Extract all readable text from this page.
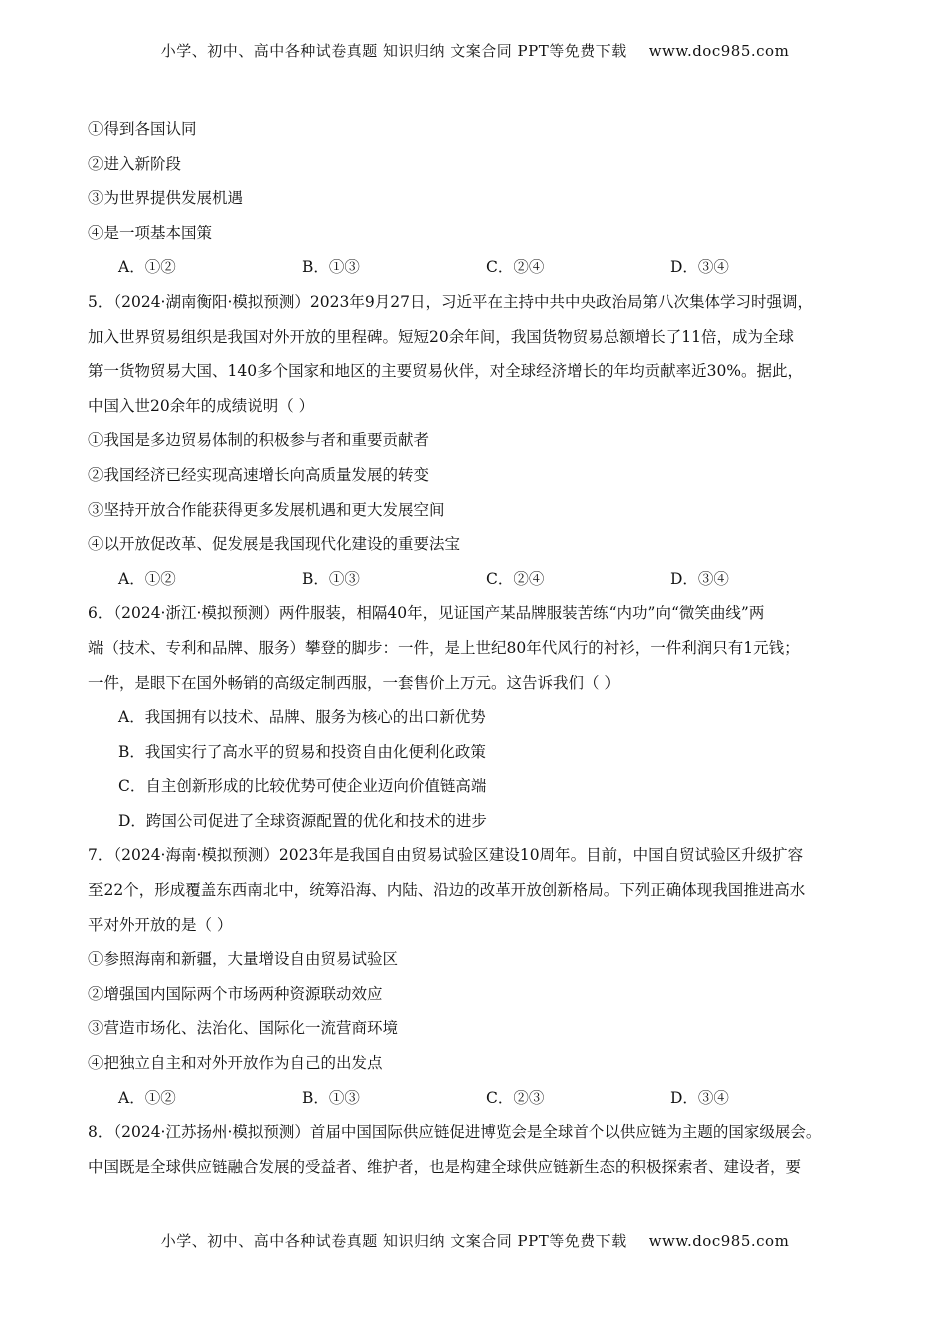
小学、初中、高中各种试卷真题 知识归纳 文案合同 PPT等免费下载 www.doc985.com
①得到各国认同
②进入新阶段
③为世界提供发展机遇
④是一项基本国策
A．①②	B．①③	C．②④	D．③④
5．（2024·湖南衡阳·模拟预测）2023年9月27日，习近平在主持中共中央政治局第八次集体学习时强调，
加入世界贸易组织是我国对外开放的里程碑。短短20余年间，我国货物贸易总额增长了11倍，成为全球
第一货物贸易大国、140多个国家和地区的主要贸易伙伴，对全球经济增长的年均贡献率近30%。据此，
中国入世20余年的成绩说明（ ）
①我国是多边贸易体制的积极参与者和重要贡献者
②我国经济已经实现高速增长向高质量发展的转变
③坚持开放合作能获得更多发展机遇和更大发展空间
④以开放促改革、促发展是我国现代化建设的重要法宝
A．①②	B．①③	C．②④	D．③④
6．（2024·浙江·模拟预测）两件服装，相隔40年，见证国产某品牌服装苦练“内功”向“微笑曲线”两
端（技术、专利和品牌、服务）攀登的脚步：一件，是上世纪80年代风行的衬衫，一件利润只有1元钱；
一件，是眼下在国外畅销的高级定制西服，一套售价上万元。这告诉我们（ ）
A．我国拥有以技术、品牌、服务为核心的出口新优势
B．我国实行了高水平的贸易和投资自由化便利化政策
C．自主创新形成的比较优势可使企业迈向价值链高端
D．跨国公司促进了全球资源配置的优化和技术的进步
7．（2024·海南·模拟预测）2023年是我国自由贸易试验区建设10周年。目前，中国自贸试验区升级扩容
至22个，形成覆盖东西南北中，统筹沿海、内陆、沿边的改革开放创新格局。下列正确体现我国推进高水
平对外开放的是（ ）
①参照海南和新疆，大量增设自由贸易试验区
②增强国内国际两个市场两种资源联动效应
③营造市场化、法治化、国际化一流营商环境
④把独立自主和对外开放作为自己的出发点
A．①②	B．①③	C．②③	D．③④
8．（2024·江苏扬州·模拟预测）首届中国国际供应链促进博览会是全球首个以供应链为主题的国家级展会。
中国既是全球供应链融合发展的受益者、维护者，也是构建全球供应链新生态的积极探索者、建设者，要
小学、初中、高中各种试卷真题 知识归纳 文案合同 PPT等免费下载 www.doc985.com
